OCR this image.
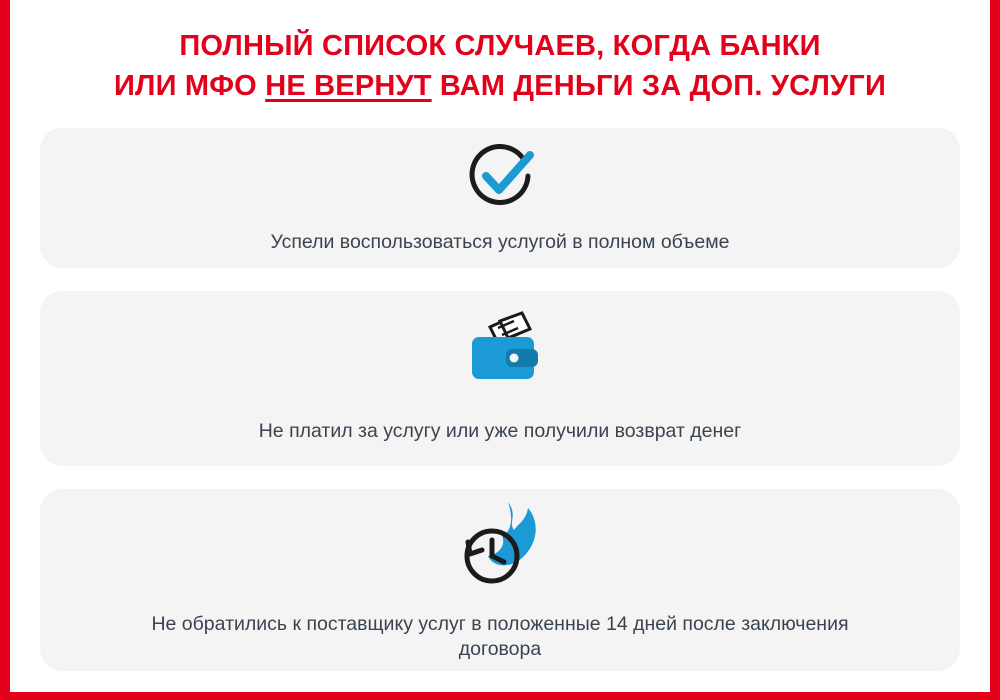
ПОЛНЫЙ СПИСОК СЛУЧАЕВ, КОГДА БАНКИ
ИЛИ МФО НЕ ВЕРНУТ ВАМ ДЕНЬГИ ЗА ДОП. УСЛУГИ
Успели воспользоваться услугой в полном объеме
Не платил за услугу или уже получили возврат денег
Не обратились к поставщику услуг в положенные 14 дней после заключения договора
